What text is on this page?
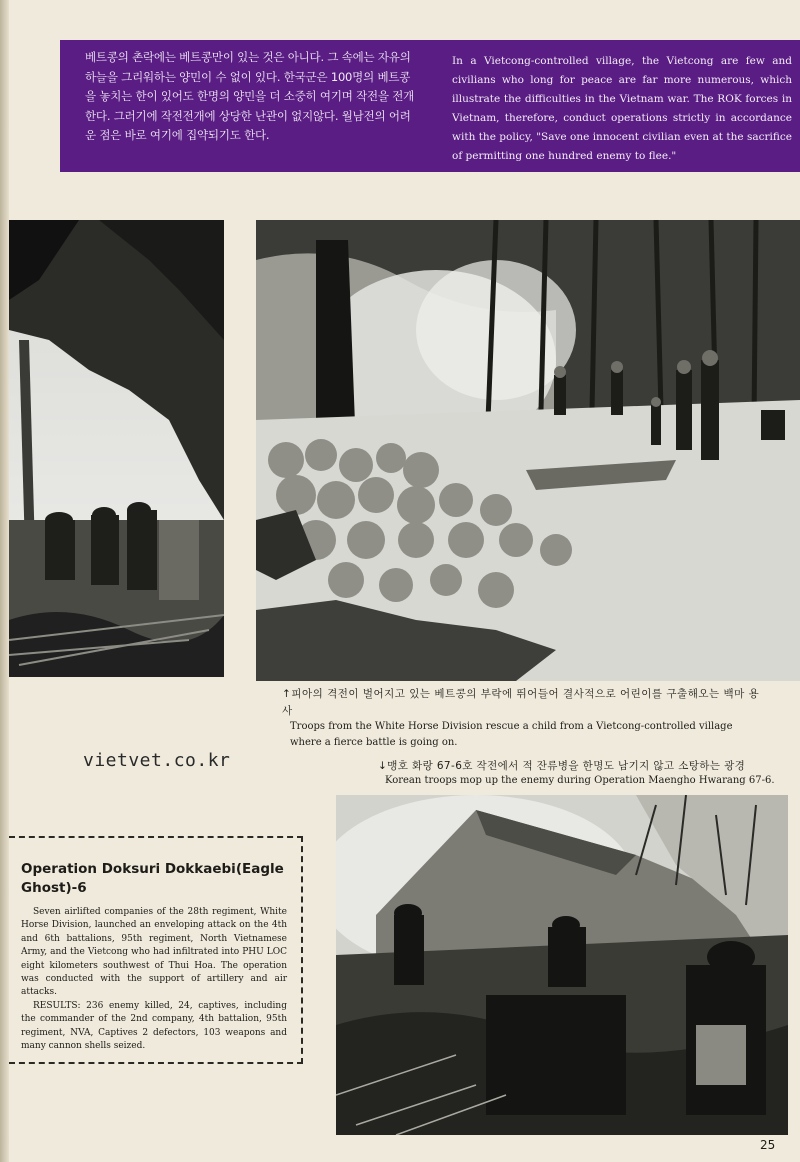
베트콩의 촌락에는 베트콩만이 있는 것은 아니다. 그 속에는 자유의 하늘을 그리워하는 양민이 수 없이 있다. 한국군은 100명의 베트콩을 놓치는 한이 있어도 한명의 양민을 더 소중히 여기며 작전을 전개한다. 그러기에 작전전개에 상당한 난관이 없지않다. 월남전의 어려운 점은 바로 여기에 집약되기도 한다.
In a Vietcong-controlled village, the Vietcong are few and civilians who long for peace are far more numerous, which illustrate the difficulties in the Vietnam war. The ROK forces in Vietnam, therefore, conduct operations strictly in accordance with the policy, "Save one innocent civilian even at the sacrifice of permitting one hundred enemy to flee."
↑피아의 격전이 벌어지고 있는 베트콩의 부락에 뛰어들어 결사적으로 어린이를 구출해오는 백마 용사
Troops from the White Horse Division rescue a child from a Vietcong-controlled village where a fierce battle is going on.
vietvet.co.kr	↓맹호 화랑 67-6호 작전에서 적 잔류병을 한명도 남기지 않고 소탕하는 광경
Korean troops mop up the enemy during Operation Maengho Hwarang 67-6.
Operation Doksuri Dokkaebi(Eagle Ghost)-6

Seven airlifted companies of the 28th regiment, White Horse Division, launched an enveloping attack on the 4th and 6th battalions, 95th regiment, North Vietnamese Army, and the Vietcong who had infiltrated into PHU LOC eight kilometers southwest of Thui Hoa. The operation was conducted with the support of artillery and air attacks.

RESULTS: 236 enemy killed, 24, captives, including the commander of the 2nd company, 4th battalion, 95th regiment, NVA, Captives 2 defectors, 103 weapons and many cannon shells seized.

25
